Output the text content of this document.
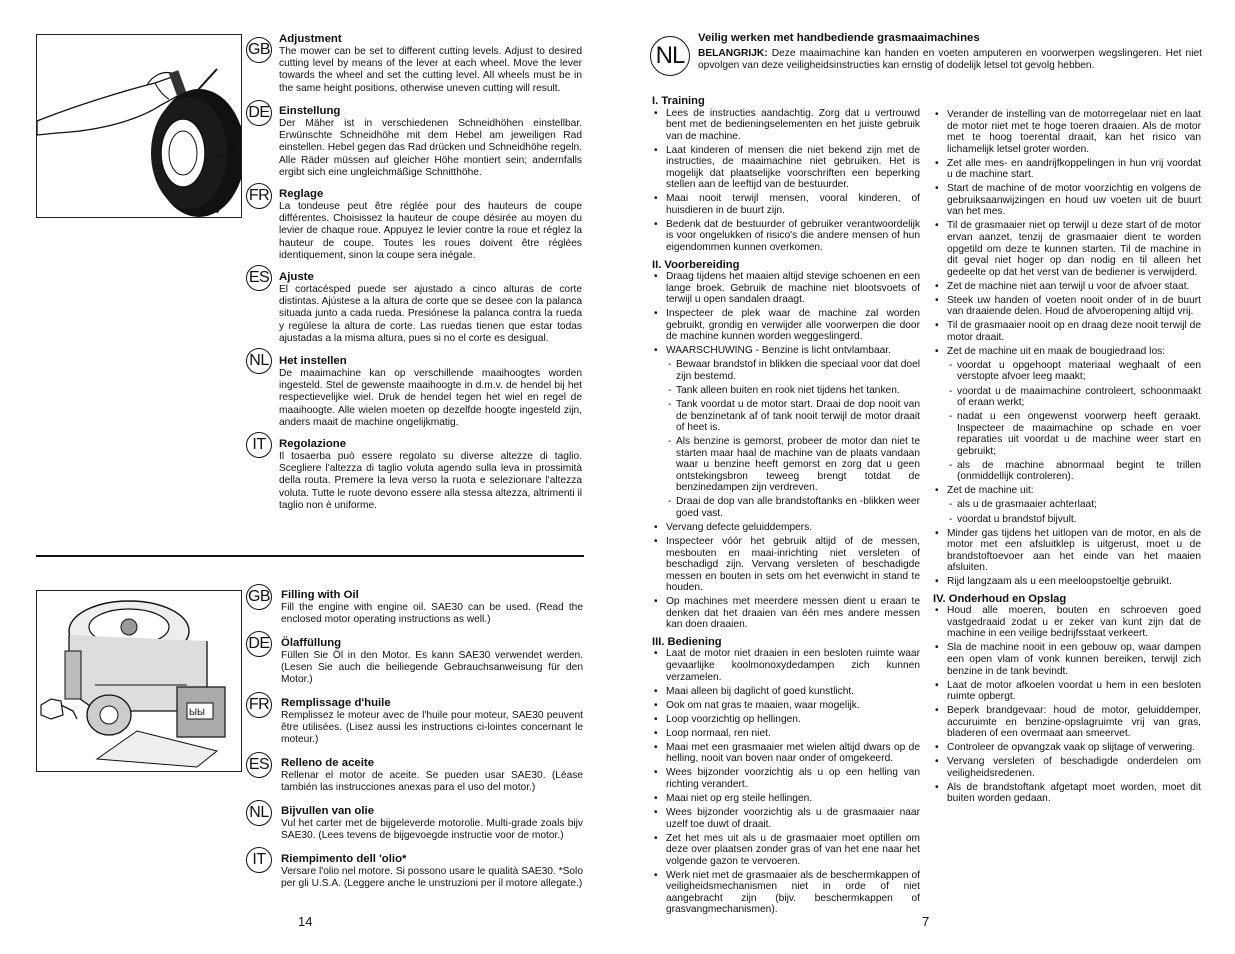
ЫЫ
GB
Adjustment

The mower can be set to different cutting levels. Adjust to desired cutting level by means of the lever at each wheel. Move the lever towards the wheel and set the cutting level. All wheels must be in the same height positions, otherwise uneven cutting will result.

DE Einstellung

Der Mäher ist in verschiedenen Schneidhöhen einstellbar. Erwünschte Schneidhöhe mit dem Hebel am jeweiligen Rad einstellen. Hebel gegen das Rad drücken und Schneidhöhe regeln. Alle Räder müssen auf gleicher Höhe montiert sein; andernfalls ergibt sich eine ungleichmäßige Schnitthöhe.

FR Reglage

La tondeuse peut être réglée pour des hauteurs de coupe différentes. Choisissez la hauteur de coupe désirée au moyen du levier de chaque roue. Appuyez le levier contre la roue et réglez la hauteur de coupe. Toutes les roues doivent être réglées identiquement, sinon la coupe sera inégale.

ES Ajuste

El cortacésped puede ser ajustado a cinco alturas de corte distintas. Ajústese a la altura de corte que se desee con la palanca situada junto a cada rueda. Presiónese la palanca contra la rueda y regúlese la altura de corte. Las ruedas tienen que estar todas ajustadas a la misma altura, pues si no el corte es desigual.

NL Het instellen

De maaimachine kan op verschillende maaihoogtes worden ingesteld. Stel de gewenste maaihoogte in d.m.v. de hendel bij het respectievelijke wiel. Druk de hendel tegen het wiel en regel de maaihoogte. Alle wielen moeten op dezelfde hoogte ingesteld zijn, anders maait de machine ongelijkmatig.

IT	Regolazione

Il tosaerba può essere regolato su diverse altezze di taglio. Scegliere l'altezza di taglio voluta agendo sulla leva in prossimità della routa. Premere la leva verso la ruota e selezionare l'altezza voluta. Tutte le ruote devono essere alla stessa altezza, altrimenti il taglio non è uniforme.

GB Filling with Oil

Fill the engine with engine oil. SAE30 can be used. (Read the enclosed motor operating instructions as well.)

DE Ölaffüllung

Füllen Sie Öl in den Motor. Es kann SAE30 verwendet werden. (Lesen Sie auch die beiliegende Gebrauchsanweisung für den Motor.)

FR Remplissage d'huile

Remplissez le moteur avec de l'huile pour moteur, SAE30 peuvent être utilisées. (Lisez aussi les instructions ci-lointes concernant le moteur.)

ES Relleno de aceite

Rellenar el motor de aceite. Se pueden usar SAE30. (Léase también las instrucciones anexas para el uso del motor.)

NL Bijvullen van olie

Vul het carter met de bijgeleverde motorolie. Multi-grade zoals bijv SAE30. (Lees tevens de bijgevoegde instructie voor de motor.)

IT	Riempimento dell 'olio*

Versare l'olio nel motore. Si possono usare le qualità SAE30. *Solo per gli U.S.A. (Leggere anche le unstruzioni per il motore allegate.)

14
NL
Veilig werken met handbediende grasmaaimachines
BELANGRIJK: Deze maaimachine kan handen en voeten amputeren en voorwerpen wegslingeren. Het niet opvolgen van deze veiligheidsinstructies kan ernstig of dodelijk letsel tot gevolg hebben.
I. Training
• Lees de instructies aandachtig. Zorg dat u vertrouwd bent met de bedieningselementen en het juiste gebruik van de machine.
• Laat kinderen of mensen die niet bekend zijn met de instructies, de maaimachine niet gebruiken. Het is mogelijk dat plaatselijke voorschriften een beperking stellen aan de leeftijd van de bestuurder.
• Maai nooit terwijl mensen, vooral kinderen, of huisdieren in de buurt zijn.
• Bedenk dat de bestuurder of gebruiker verantwoordelijk is voor ongelukken of risico's die andere mensen of hun eigendommen kunnen overkomen.
II. Voorbereiding
• Draag tijdens het maaien altijd stevige schoenen en een lange broek. Gebruik de machine niet blootsvoets of terwijl u open sandalen draagt.
• Inspecteer de plek waar de machine zal worden gebruikt, grondig en verwijder alle voorwerpen die door de machine kunnen worden weggeslingerd.
• WAARSCHUWING - Benzine is licht ontvlambaar.
- Bewaar brandstof in blikken die speciaal voor dat doel zijn bestemd.
- Tank alleen buiten en rook niet tijdens het tanken.
- Tank voordat u de motor start. Draai de dop nooit van de benzinetank af of tank nooit terwijl de motor draait of heet is.
- Als benzine is gemorst, probeer de motor dan niet te starten maar haal de machine van de plaats vandaan waar u benzine heeft gemorst en zorg dat u geen ontstekingsbron teweeg brengt totdat de benzinedampen zijn verdreven.
- Draai de dop van alle brandstoftanks en -blikken weer goed vast.
• Vervang defecte geluiddempers.
• Inspecteer vóór het gebruik altijd of de messen, mesbouten en maai-inrichting niet versleten of beschadigd zijn. Vervang versleten of beschadigde messen en bouten in sets om het evenwicht in stand te houden.
• Op machines met meerdere messen dient u eraan te denken dat het draaien van één mes andere messen kan doen draaien.
III. Bediening
• Laat de motor niet draaien in een besloten ruimte waar gevaarlijke koolmonoxydedampen zich kunnen verzamelen.
• Maai alleen bij daglicht of goed kunstlicht.
• Ook om nat gras te maaien, waar mogelijk.
• Loop voorzichtig op hellingen.
• Loop normaal, ren niet.
• Maai met een grasmaaier met wielen altijd dwars op de helling, nooit van boven naar onder of omgekeerd.
• Wees bijzonder voorzichtig als u op een helling van richting verandert.
• Maai niet op erg steile hellingen.
• Wees bijzonder voorzichtig als u de grasmaaier naar uzelf toe duwt of draait.
• Zet het mes uit als u de grasmaaier moet optillen om deze over plaatsen zonder gras of van het ene naar het volgende gazon te vervoeren.
• Werk niet met de grasmaaier als de beschermkappen of veiligheidsmechanismen niet in orde of niet aangebracht zijn (bijv. beschermkappen of grasvangmechanismen).
• Verander de instelling van de motorregelaar niet en laat de motor niet met te hoge toeren draaien. Als de motor met te hoog toerental draait, kan het risico van lichamelijk letsel groter worden.
• Zet alle mes- en aandrijfkoppelingen in hun vrij voordat u de machine start.
• Start de machine of de motor voorzichtig en volgens de gebruiksaanwijzingen en houd uw voeten uit de buurt van het mes.
• Til de grasmaaier niet op terwijl u deze start of de motor ervan aanzet, tenzij de grasmaaier dient te worden opgetild om deze te kunnen starten. Til de machine in dit geval niet hoger op dan nodig en til alleen het gedeelte op dat het verst van de bediener is verwijderd.
• Zet de machine niet aan terwijl u voor de afvoer staat.
• Steek uw handen of voeten nooit onder of in de buurt van draaiende delen. Houd de afvoeropening altijd vrij.
• Til de grasmaaier nooit op en draag deze nooit terwijl de motor draait.
• Zet de machine uit en maak de bougiedraad los:
- voordat u opgehoopt materiaal weghaalt of een verstopte afvoer leeg maakt;
- voordat u de maaimachine controleert, schoonmaakt of eraan werkt;
- nadat u een ongewenst voorwerp heeft geraakt. Inspecteer de maaimachine op schade en voer reparaties uit voordat u de machine weer start en gebruikt;
- als de machine abnormaal begint te trillen (onmiddellijk controleren).
• Zet de machine uit:
- als u de grasmaaier achterlaat;
- voordat u brandstof bijvult.
• Minder gas tijdens het uitlopen van de motor, en als de motor met een afsluitklep is uitgerust, moet u de brandstoftoevoer aan het einde van het maaien afsluiten.
• Rijd langzaam als u een meeloopstoeltje gebruikt.
IV. Onderhoud en Opslag
• Houd alle moeren, bouten en schroeven goed vastgedraaid zodat u er zeker van kunt zijn dat de machine in een veilige bedrijfsstaat verkeert.
• Sla de machine nooit in een gebouw op, waar dampen een open vlam of vonk kunnen bereiken, terwijl zich benzine in de tank bevindt.
• Laat de motor afkoelen voordat u hem in een besloten ruimte opbergt.
• Beperk brandgevaar: houd de motor, geluiddemper, accuruimte en benzine-opslagruimte vrij van gras, bladeren of een overmaat aan smeervet.
• Controleer de opvangzak vaak op slijtage of verwering.
• Vervang versleten of beschadigde onderdelen om veiligheidsredenen.
• Als de brandstoftank afgetapt moet worden, moet dit buiten worden gedaan.
7
